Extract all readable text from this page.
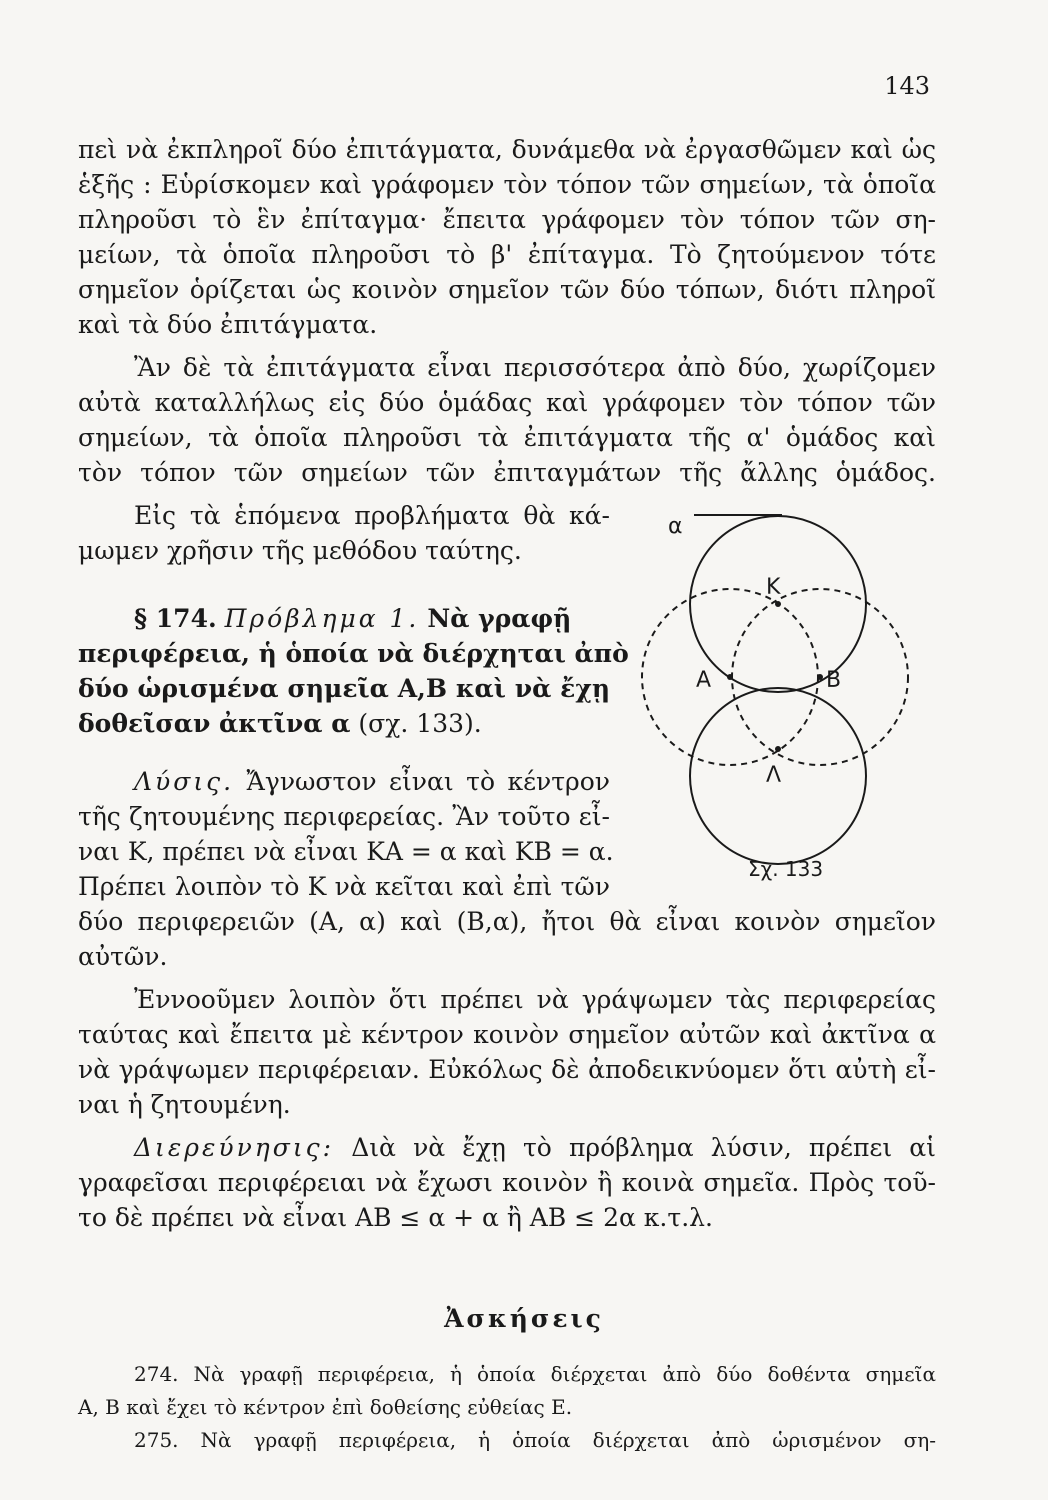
143
πεὶ νὰ ἐκπληροῖ δύο ἐπιτάγματα, δυνάμεθα νὰ ἐργασθῶμεν καὶ ὡς
ἑξῆς : Εὑρίσκομεν καὶ γράφομεν τὸν τόπον τῶν σημείων, τὰ ὁποῖα
πληροῦσι τὸ ἓν ἐπίταγμα· ἔπειτα γράφομεν τὸν τόπον τῶν ση-
μείων, τὰ ὁποῖα πληροῦσι τὸ β' ἐπίταγμα. Τὸ ζητούμενον τότε
σημεῖον ὁρίζεται ὡς κοινὸν σημεῖον τῶν δύο τόπων, διότι πληροῖ
καὶ τὰ δύο ἐπιτάγματα.
Ἂν δὲ τὰ ἐπιτάγματα εἶναι περισσότερα ἀπὸ δύο, χωρίζομεν
αὐτὰ καταλλήλως εἰς δύο ὁμάδας καὶ γράφομεν τὸν τόπον τῶν
σημείων, τὰ ὁποῖα πληροῦσι τὰ ἐπιτάγματα τῆς α' ὁμάδος καὶ
τὸν τόπον τῶν σημείων τῶν ἐπιταγμάτων τῆς ἄλλης ὁμάδος.
Εἰς τὰ ἑπόμενα προβλήματα θὰ κά-
μωμεν χρῆσιν τῆς μεθόδου ταύτης.
§ 174. Πρόβλημα 1. Νὰ γραφῇ
περιφέρεια, ἡ ὁποία νὰ διέρχηται ἀπὸ
δύο ὡρισμένα σημεῖα Α,Β καὶ νὰ ἔχῃ
δοθεῖσαν ἀκτῖνα α (σχ. 133).
Λύσις. Ἄγνωστον εἶναι τὸ κέντρον
τῆς ζητουμένης περιφερείας. Ἂν τοῦτο εἶ-
ναι Κ, πρέπει νὰ εἶναι ΚΑ = α καὶ ΚΒ = α.
Πρέπει λοιπὸν τὸ Κ νὰ κεῖται καὶ ἐπὶ τῶν
δύο περιφερειῶν (Α, α) καὶ (Β,α), ἤτοι θὰ εἶναι κοινὸν σημεῖον
αὐτῶν.
Ἐννοοῦμεν λοιπὸν ὅτι πρέπει νὰ γράψωμεν τὰς περιφερείας
ταύτας καὶ ἔπειτα μὲ κέντρον κοινὸν σημεῖον αὐτῶν καὶ ἀκτῖνα α
νὰ γράψωμεν περιφέρειαν. Εὐκόλως δὲ ἀποδεικνύομεν ὅτι αὐτὴ εἶ-
ναι ἡ ζητουμένη.
Διερεύνησις: Διὰ νὰ ἔχῃ τὸ πρόβλημα λύσιν, πρέπει αἱ
γραφεῖσαι περιφέρειαι νὰ ἔχωσι κοινὸν ἢ κοινὰ σημεῖα. Πρὸς τοῦ-
το δὲ πρέπει νὰ εἶναι ΑΒ ≤ α + α ἢ ΑΒ ≤ 2α κ.τ.λ.
Ἀσκήσεις
274. Νὰ γραφῇ περιφέρεια, ἡ ὁποία διέρχεται ἀπὸ δύο δοθέντα σημεῖα
Α, Β καὶ ἔχει τὸ κέντρον ἐπὶ δοθείσης εὐθείας Ε.
275. Νὰ γραφῇ περιφέρεια, ἡ ὁποία διέρχεται ἀπὸ ὡρισμένον ση-
α
Κ
Α	Β
Λ
Σχ. 133
